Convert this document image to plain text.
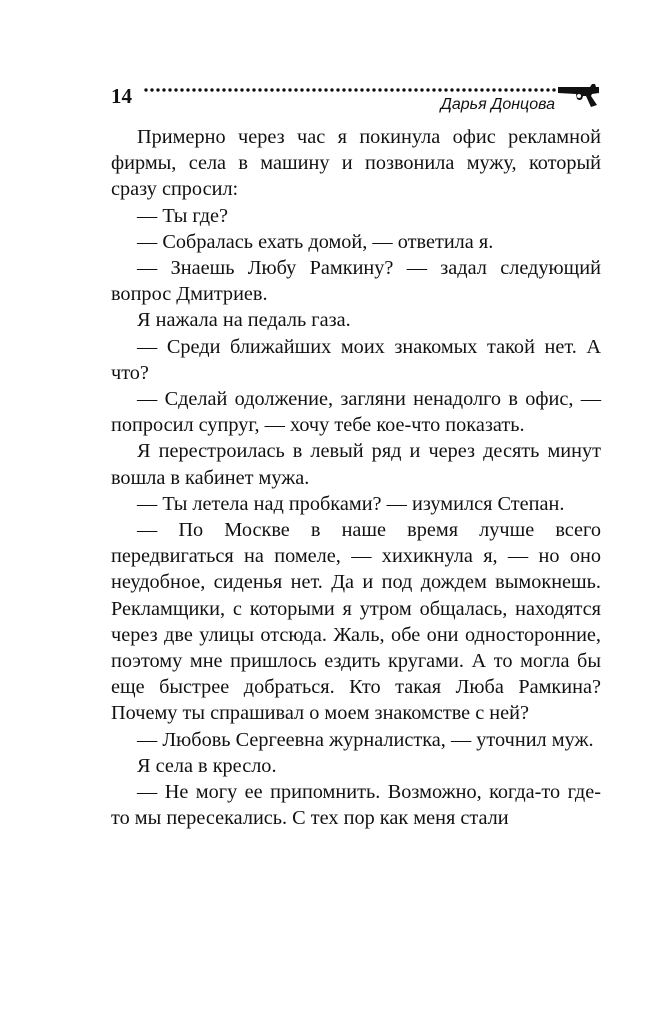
14	Дарья Донцова

Примерно через час я покинула офис рекламной фирмы, села в машину и позвонила мужу, который сразу спросил:

— Ты где?

— Собралась ехать домой, — ответила я.

— Знаешь Любу Рамкину? — задал следующий вопрос Дмитриев.

Я нажала на педаль газа.

— Среди ближайших моих знакомых такой нет. А что?

— Сделай одолжение, загляни ненадолго в офис, — попросил супруг, — хочу тебе кое-что показать.

Я перестроилась в левый ряд и через десять минут вошла в кабинет мужа.

— Ты летела над пробками? — изумился Степан.

— По Москве в наше время лучше всего передвигаться на помеле, — хихикнула я, — но оно неудобное, сиденья нет. Да и под дождем вымокнешь. Рекламщики, с которыми я утром общалась, находятся через две улицы отсюда. Жаль, обе они односторонние, поэтому мне пришлось ездить кругами. А то могла бы еще быстрее добраться. Кто такая Люба Рамкина? Почему ты спрашивал о моем знакомстве с ней?

— Любовь Сергеевна журналистка, — уточнил муж.

Я села в кресло.

— Не могу ее припомнить. Возможно, когда-то где-то мы пересекались. С тех пор как меня стали
